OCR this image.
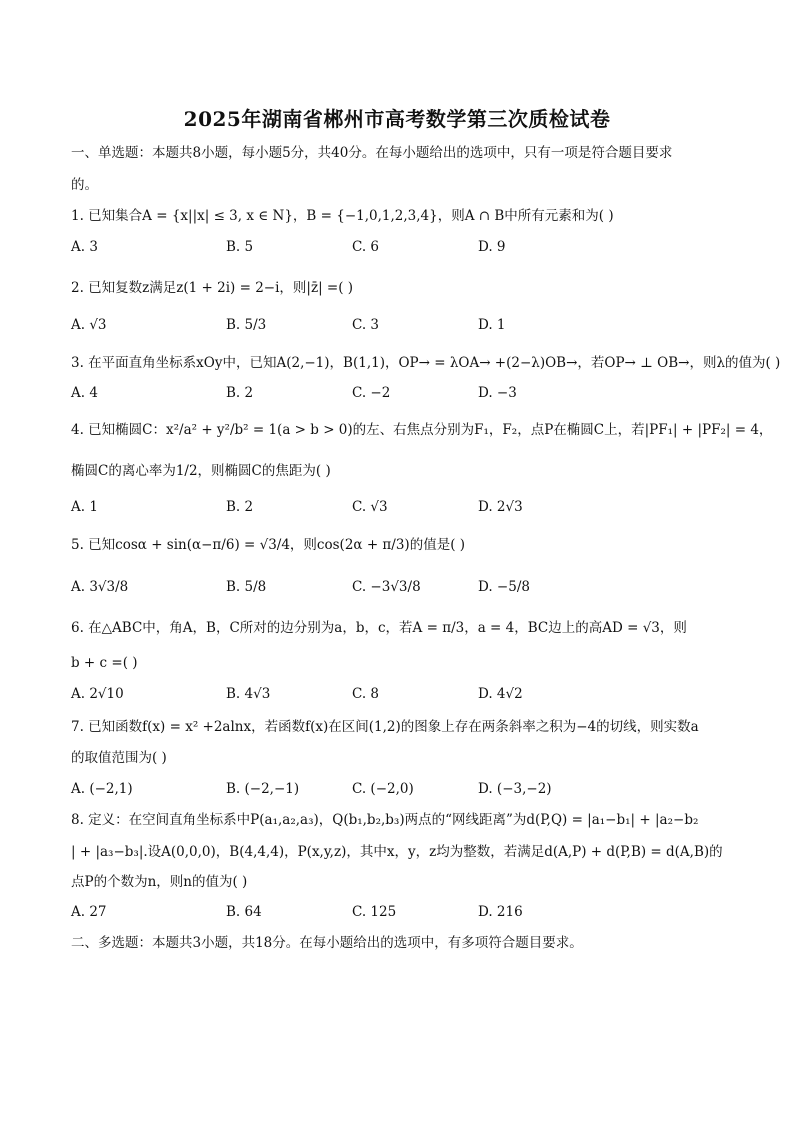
2025年湖南省郴州市高考数学第三次质检试卷
一、单选题：本题共8小题，每小题5分，共40分。在每小题给出的选项中，只有一项是符合题目要求
的。
1. 已知集合A = {x||x| ≤ 3, x ∈ N}，B = {−1,0,1,2,3,4}，则A ∩ B中所有元素和为( )
A. 3	B. 5	C. 6	D. 9
2. 已知复数z满足z(1 + 2i) = 2−i，则|z̄| =( )
A. √3	B. 5/3	C. 3	D. 1
3. 在平面直角坐标系xOy中，已知A(2,−1)，B(1,1)，OP→ = λOA→ +(2−λ)OB→，若OP→ ⊥ OB→，则λ的值为( )
A. 4	B. 2	C. −2	D. −3
4. 已知椭圆C：x²/a² + y²/b² = 1(a > b > 0)的左、右焦点分别为F₁，F₂，点P在椭圆C上，若|PF₁| + |PF₂| = 4，
椭圆C的离心率为1/2，则椭圆C的焦距为( )
A. 1	B. 2	C. √3	D. 2√3
5. 已知cosα + sin(α−π/6) = √3/4，则cos(2α + π/3)的值是( )
A. 3√3/8	B. 5/8	C. −3√3/8	D. −5/8
6. 在△ABC中，角A，B，C所对的边分别为a，b，c，若A = π/3，a = 4，BC边上的高AD = √3，则
b + c =( )
A. 2√10	B. 4√3	C. 8	D. 4√2
7. 已知函数f(x) = x² +2alnx，若函数f(x)在区间(1,2)的图象上存在两条斜率之积为−4的切线，则实数a
的取值范围为( )
A. (−2,1)	B. (−2,−1)	C. (−2,0)	D. (−3,−2)
8. 定义：在空间直角坐标系中P(a₁,a₂,a₃)，Q(b₁,b₂,b₃)两点的“网线距离”为d(P,Q) = |a₁−b₁| + |a₂−b₂
| + |a₃−b₃|.设A(0,0,0)，B(4,4,4)，P(x,y,z)，其中x，y，z均为整数，若满足d(A,P) + d(P,B) = d(A,B)的
点P的个数为n，则n的值为( )
A. 27	B. 64	C. 125	D. 216
二、多选题：本题共3小题，共18分。在每小题给出的选项中，有多项符合题目要求。
